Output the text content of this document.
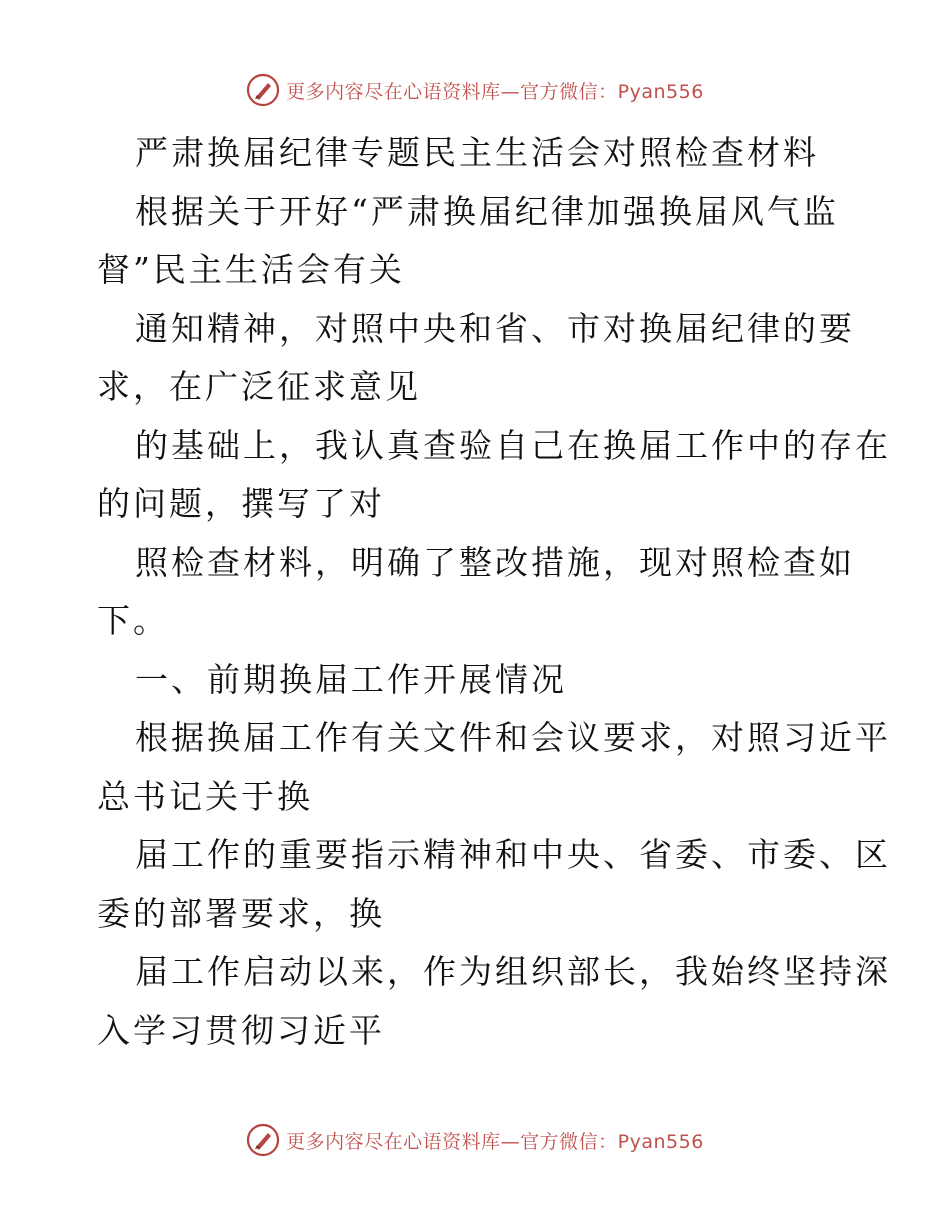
更多内容尽在心语资料库—官方微信：Pyan556
严肃换届纪律专题民主生活会对照检查材料
根据关于开好“严肃换届纪律加强换届风气监
督”民主生活会有关
通知精神，对照中央和省、市对换届纪律的要
求，在广泛征求意见
的基础上，我认真查验自己在换届工作中的存在
的问题，撰写了对
照检查材料，明确了整改措施，现对照检查如
下。
一、前期换届工作开展情况
根据换届工作有关文件和会议要求，对照习近平
总书记关于换
届工作的重要指示精神和中央、省委、市委、区
委的部署要求，换
届工作启动以来，作为组织部长，我始终坚持深
入学习贯彻习近平
更多内容尽在心语资料库—官方微信：Pyan556
